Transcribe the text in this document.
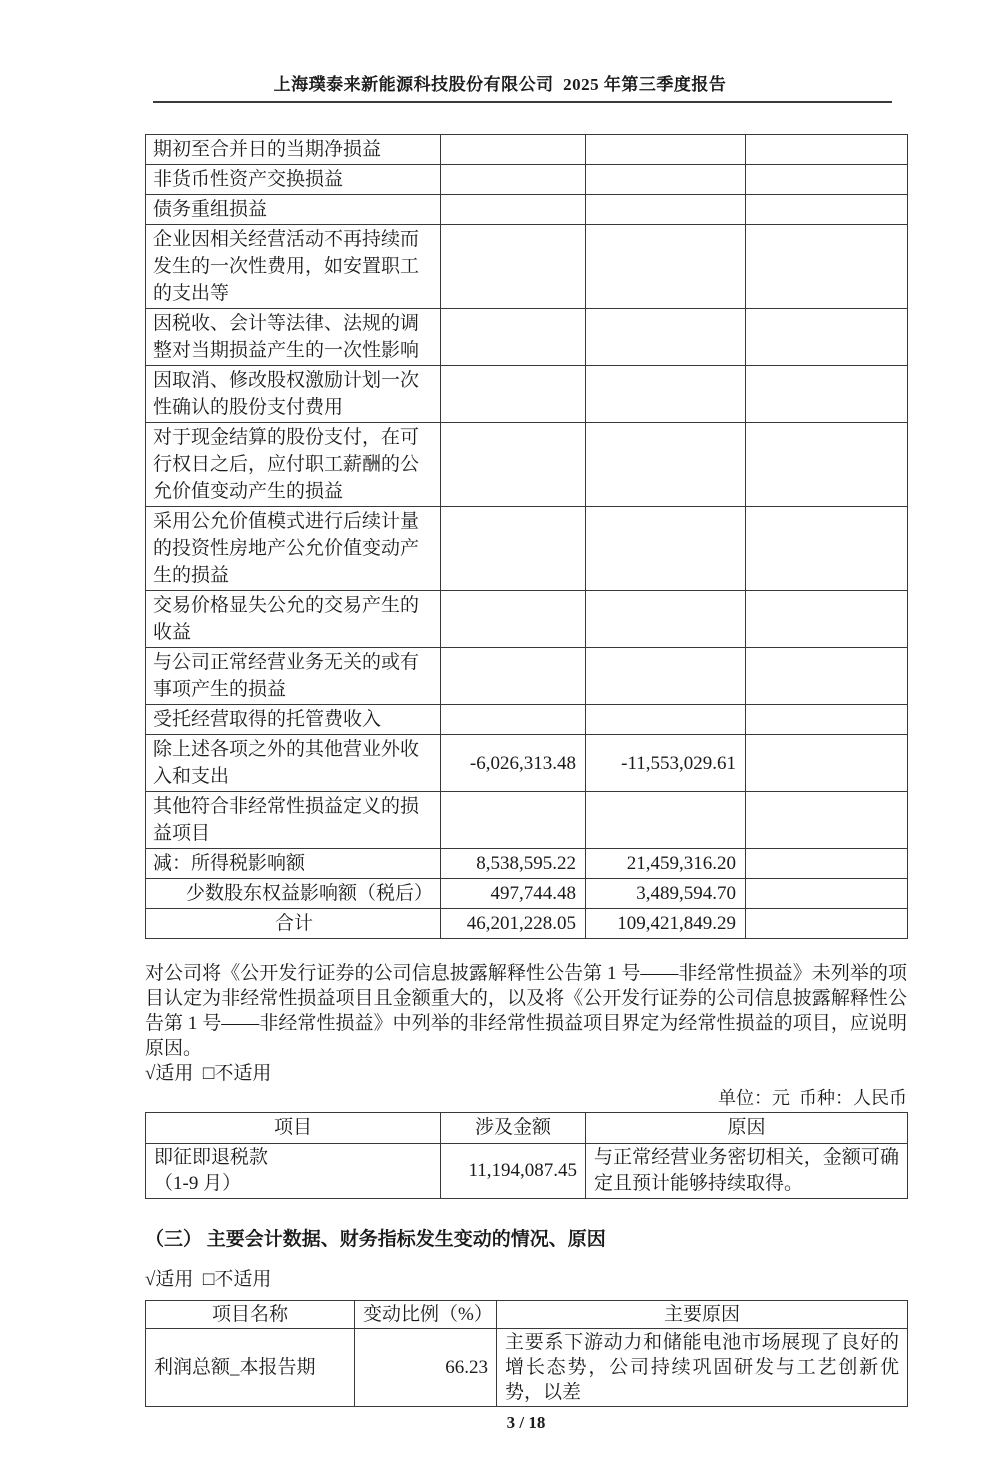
上海璞泰来新能源科技股份有限公司  2025 年第三季度报告
期初至合并日的当期净损益			
非货币性资产交换损益			
债务重组损益			
企业因相关经营活动不再持续而发生的一次性费用，如安置职工的支出等			
因税收、会计等法律、法规的调整对当期损益产生的一次性影响			
因取消、修改股权激励计划一次性确认的股份支付费用			
对于现金结算的股份支付，在可行权日之后，应付职工薪酬的公允价值变动产生的损益			
采用公允价值模式进行后续计量的投资性房地产公允价值变动产生的损益			
交易价格显失公允的交易产生的收益			
与公司正常经营业务无关的或有事项产生的损益			
受托经营取得的托管费收入			
除上述各项之外的其他营业外收入和支出	-6,026,313.48	-11,553,029.61	
其他符合非经常性损益定义的损益项目			
减：所得税影响额	8,538,595.22	21,459,316.20	
少数股东权益影响额（税后）	497,744.48	3,489,594.70	
合计	46,201,228.05	109,421,849.29	

对公司将《公开发行证券的公司信息披露解释性公告第 1 号——非经常性损益》未列举的项目认定为非经常性损益项目且金额重大的，以及将《公开发行证券的公司信息披露解释性公告第 1 号——非经常性损益》中列举的非经常性损益项目界定为经常性损益的项目，应说明原因。

√适用  □不适用
单位：元  币种：人民币
项目	涉及金额	原因

即征即退税款
（1-9 月）	11,194,087.45	与正常经营业务密切相关，金额可确定且预计能够持续取得。
（三） 主要会计数据、财务指标发生变动的情况、原因
√适用  □不适用
项目名称	变动比例（%）	主要原因
利润总额_本报告期	66.23	主要系下游动力和储能电池市场展现了良好的增长态势，公司持续巩固研发与工艺创新优势，以差
3 / 18
